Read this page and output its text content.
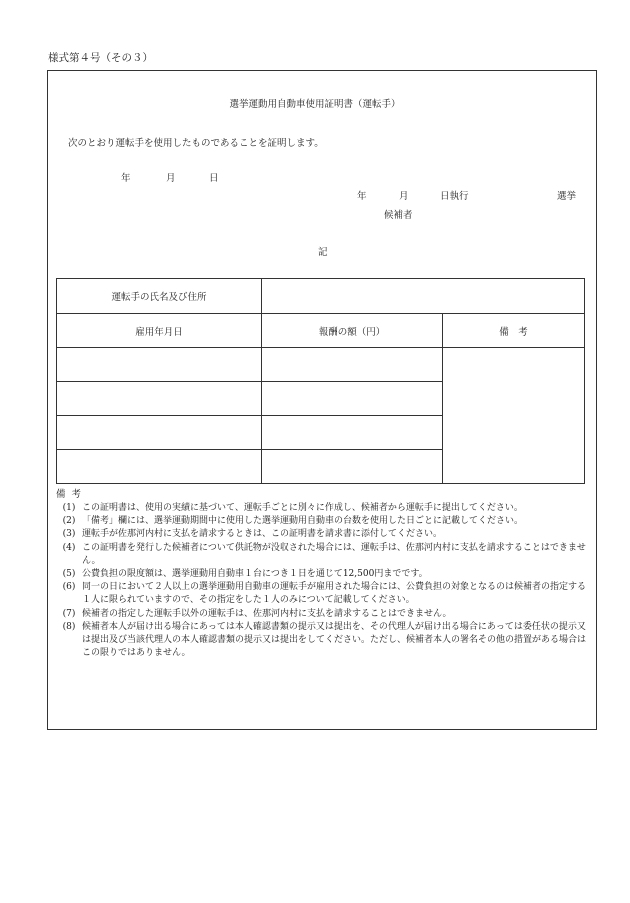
様式第４号（その３）
選挙運動用自動車使用証明書（運転手）
次のとおり運転手を使用したものであることを証明します。
年	月	日
年	月	日執行	選挙
候補者
記
運転手の氏名及び住所		
雇用年月日	報酬の額（円）	備　考

備考
(1) この証明書は、使用の実績に基づいて、運転手ごとに別々に作成し、候補者から運転手に提出してください。
(2) 「備考」欄には、選挙運動期間中に使用した選挙運動用自動車の台数を使用した日ごとに記載してください。
(3) 運転手が佐那河内村に支払を請求するときは、この証明書を請求書に添付してください。
(4) この証明書を発行した候補者について供託物が没収された場合には、運転手は、佐那河内村に支払を請求することはできません。
(5) 公費負担の限度額は、選挙運動用自動車１台につき１日を通じて12,500円までです。
(6) 同一の日において２人以上の選挙運動用自動車の運転手が雇用された場合には、公費負担の対象となるのは候補者の指定する１人に限られていますので、その指定をした１人のみについて記載してください。
(7) 候補者の指定した運転手以外の運転手は、佐那河内村に支払を請求することはできません。
(8) 候補者本人が届け出る場合にあっては本人確認書類の提示又は提出を、その代理人が届け出る場合にあっては委任状の提示又は提出及び当該代理人の本人確認書類の提示又は提出をしてください。ただし、候補者本人の署名その他の措置がある場合はこの限りではありません。
